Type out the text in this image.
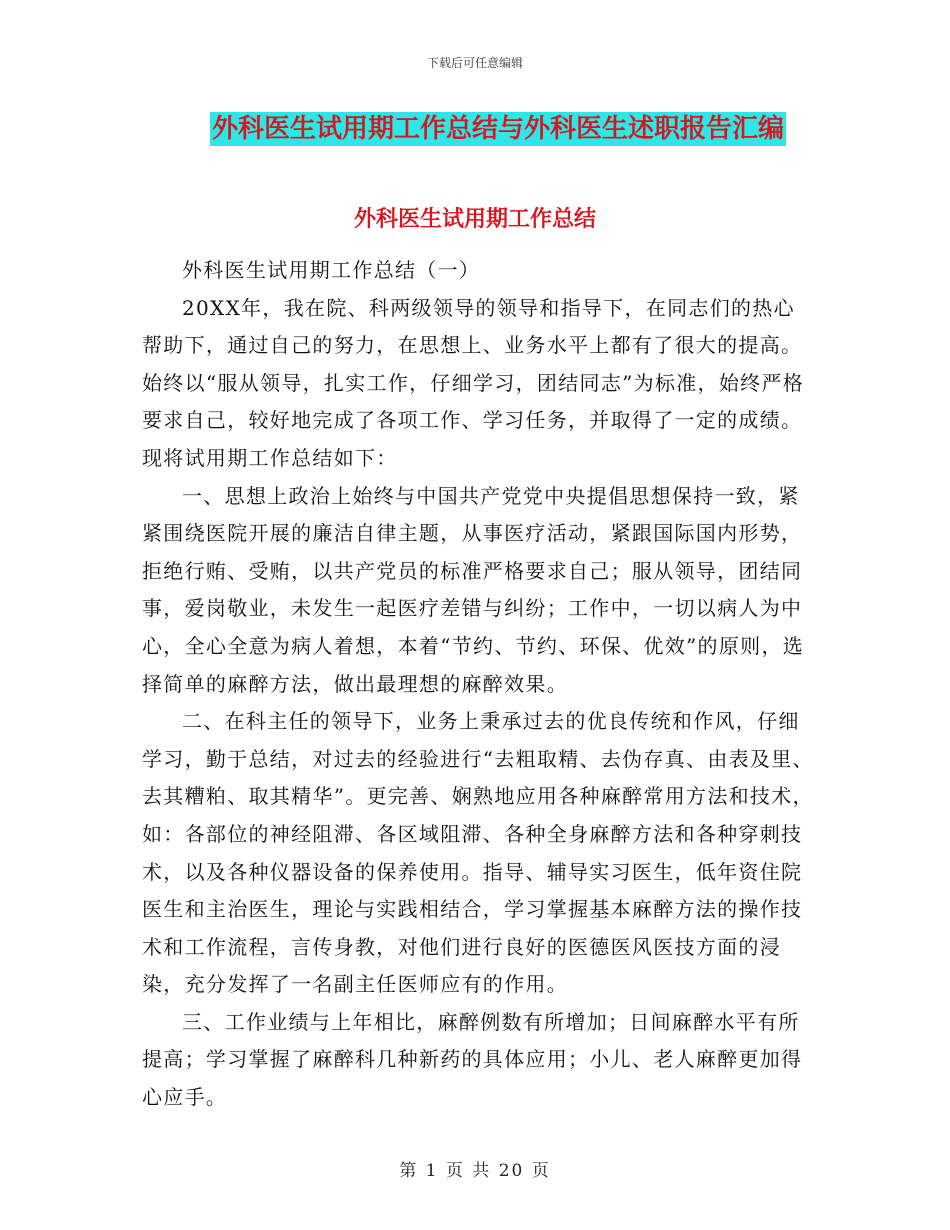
下载后可任意编辑
外科医生试用期工作总结与外科医生述职报告汇编
外科医生试用期工作总结

外科医生试用期工作总结（一）

20XX年，我在院、科两级领导的领导和指导下，在同志们的热心帮助下，通过自己的努力，在思想上、业务水平上都有了很大的提高。始终以“服从领导，扎实工作，仔细学习，团结同志”为标准，始终严格要求自己，较好地完成了各项工作、学习任务，并取得了一定的成绩。现将试用期工作总结如下：

一、思想上政治上始终与中国共产党党中央提倡思想保持一致，紧紧围绕医院开展的廉洁自律主题，从事医疗活动，紧跟国际国内形势，拒绝行贿、受贿，以共产党员的标准严格要求自己；服从领导，团结同事，爱岗敬业，未发生一起医疗差错与纠纷；工作中，一切以病人为中心，全心全意为病人着想，本着“节约、节约、环保、优效”的原则，选择简单的麻醉方法，做出最理想的麻醉效果。

二、在科主任的领导下，业务上秉承过去的优良传统和作风，仔细学习，勤于总结，对过去的经验进行“去粗取精、去伪存真、由表及里、去其糟粕、取其精华”。更完善、娴熟地应用各种麻醉常用方法和技术，如：各部位的神经阻滞、各区域阻滞、各种全身麻醉方法和各种穿刺技术，以及各种仪器设备的保养使用。指导、辅导实习医生，低年资住院医生和主治医生，理论与实践相结合，学习掌握基本麻醉方法的操作技术和工作流程，言传身教，对他们进行良好的医德医风医技方面的浸染，充分发挥了一名副主任医师应有的作用。

三、工作业绩与上年相比，麻醉例数有所增加；日间麻醉水平有所提高；学习掌握了麻醉科几种新药的具体应用；小儿、老人麻醉更加得心应手。

第 1 页 共 20 页
